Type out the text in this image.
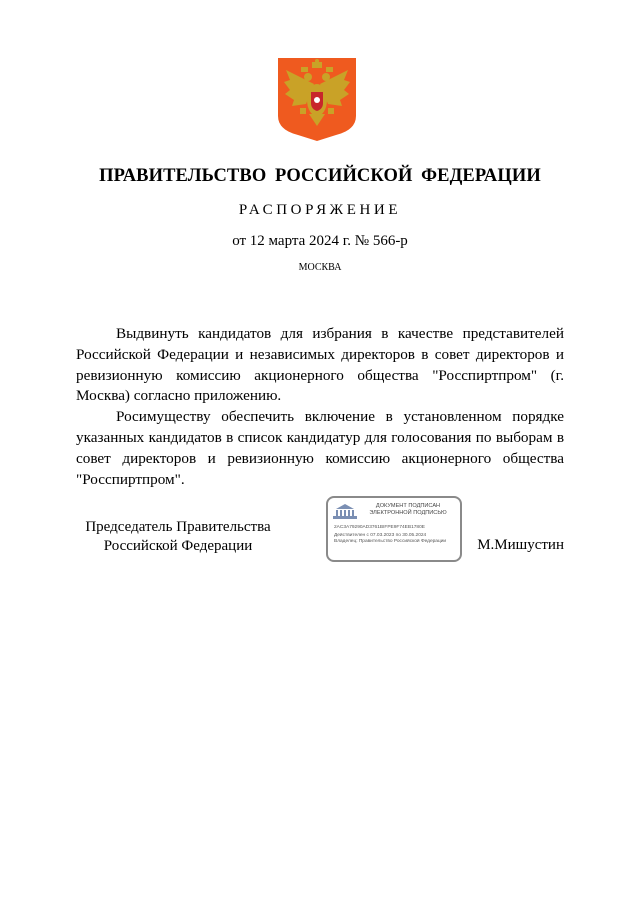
ПРАВИТЕЛЬСТВО РОССИЙСКОЙ ФЕДЕРАЦИИ
РАСПОРЯЖЕНИЕ
от 12 марта 2024 г. № 566-р
МОСКВА

Выдвинуть кандидатов для избрания в качестве представителей Российской Федерации и независимых директоров в совет директоров и ревизионную комиссию акционерного общества "Росспиртпром" (г. Москва) согласно приложению.

Росимуществу обеспечить включение в установленном порядке указанных кандидатов в список кандидатур для голосования по выборам в совет директоров и ревизионную комиссию акционерного общества "Росспиртпром".

Председатель Правительства
Российской Федерации
ДОКУМЕНТ ПОДПИСАН
ЭЛЕКТРОННОЙ ПОДПИСЬЮ
2AC3A79290АD3761ВIFРE9F74EB1780E
Действителен с 07.03.2023 по 30.05.2024
Владелец: Правительство Российской Федерации	М.Мишустин
